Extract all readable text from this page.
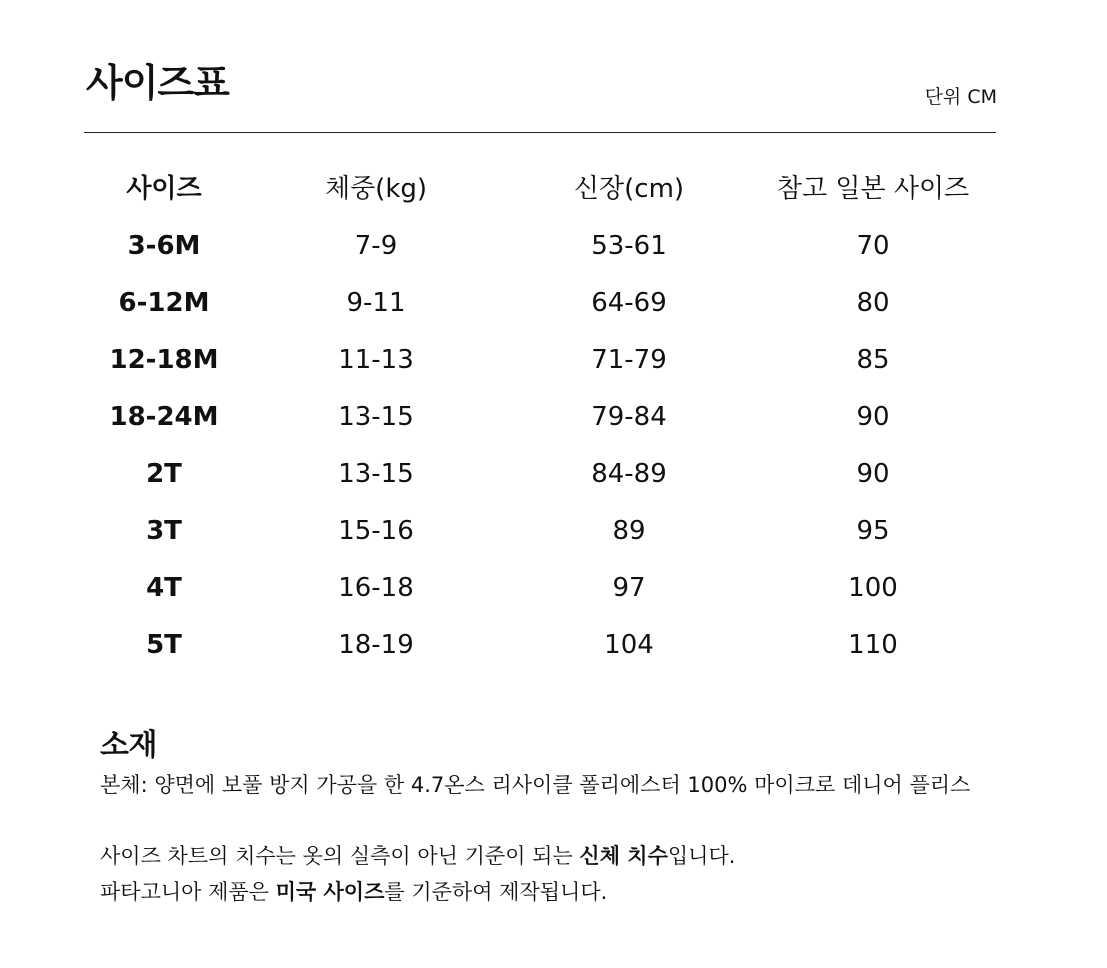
사이즈표	단위 CM
사이즈	체중(kg)	신장(cm)	참고 일본 사이즈
3-6M	7-9	53-61	70
6-12M	9-11	64-69	80
12-18M	11-13	71-79	85
18-24M	13-15	79-84	90
2T	13-15	84-89	90
3T	15-16	89	95
4T	16-18	97	100
5T	18-19	104	110
소재

본체: 양면에 보풀 방지 가공을 한 4.7온스 리사이클 폴리에스터 100% 마이크로 데니어 플리스

사이즈 차트의 치수는 옷의 실측이 아닌 기준이 되는 신체 치수입니다.

파타고니아 제품은 미국 사이즈를 기준하여 제작됩니다.
